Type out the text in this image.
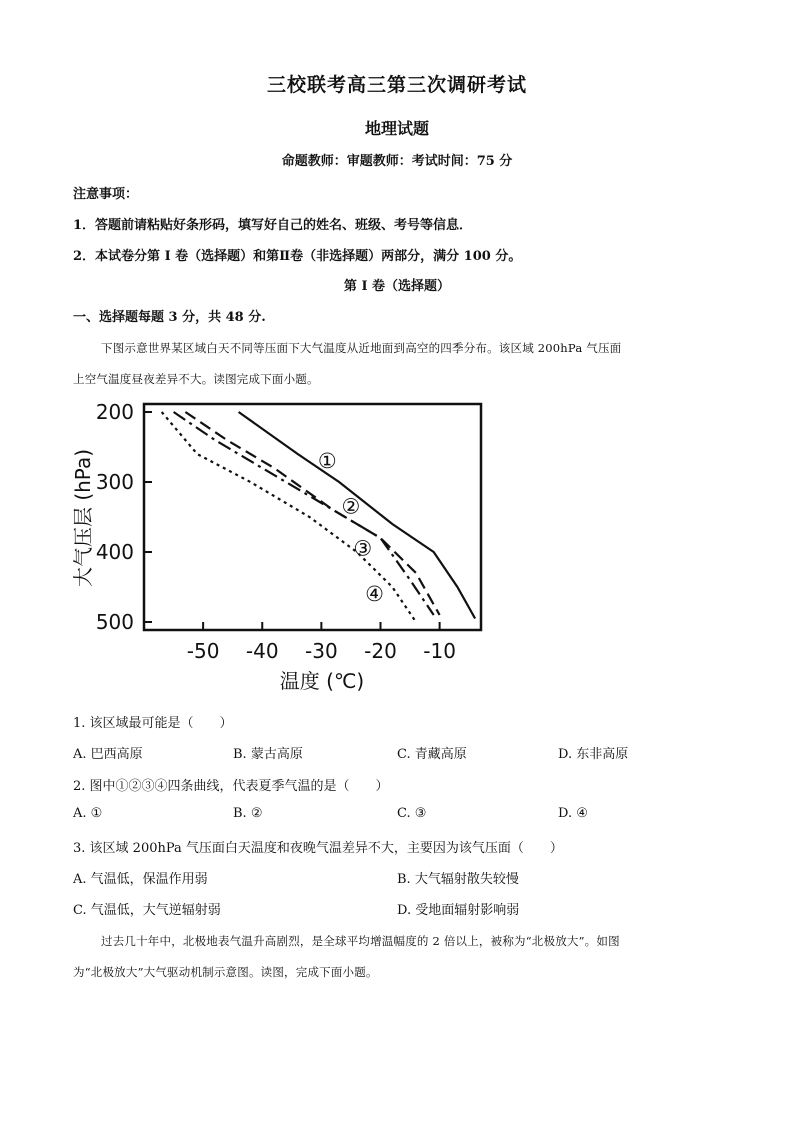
三校联考高三第三次调研考试
地理试题
命题教师：审题教师：考试时间：75 分
注意事项：
1．答题前请粘贴好条形码，填写好自己的姓名、班级、考号等信息．
2．本试卷分第 I 卷（选择题）和第Ⅱ卷（非选择题）两部分，满分 100 分。
第 I 卷（选择题）
一、选择题每题 3 分，共 48 分.
下图示意世界某区域白天不同等压面下大气温度从近地面到高空的四季分布。该区域 200hPa 气压面
上空气温度昼夜差异不大。读图完成下面小题。
200
300
400
500
-50 -40 -30 -20 -10
①
②
③
④
温度 (℃)
大气压层 (hPa)
1. 该区域最可能是（　　）
A. 巴西高原	B. 蒙古高原	C. 青藏高原	D. 东非高原
2. 图中①②③④四条曲线，代表夏季气温的是（　　）
A. ①	B. ②	C. ③	D. ④
3. 该区域 200hPa 气压面白天温度和夜晚气温差异不大，主要因为该气压面（　　）
A. 气温低，保温作用弱	B. 大气辐射散失较慢
C. 气温低，大气逆辐射弱	D. 受地面辐射影响弱
过去几十年中，北极地表气温升高剧烈，是全球平均增温幅度的 2 倍以上，被称为“北极放大”。如图
为“北极放大”大气驱动机制示意图。读图，完成下面小题。
